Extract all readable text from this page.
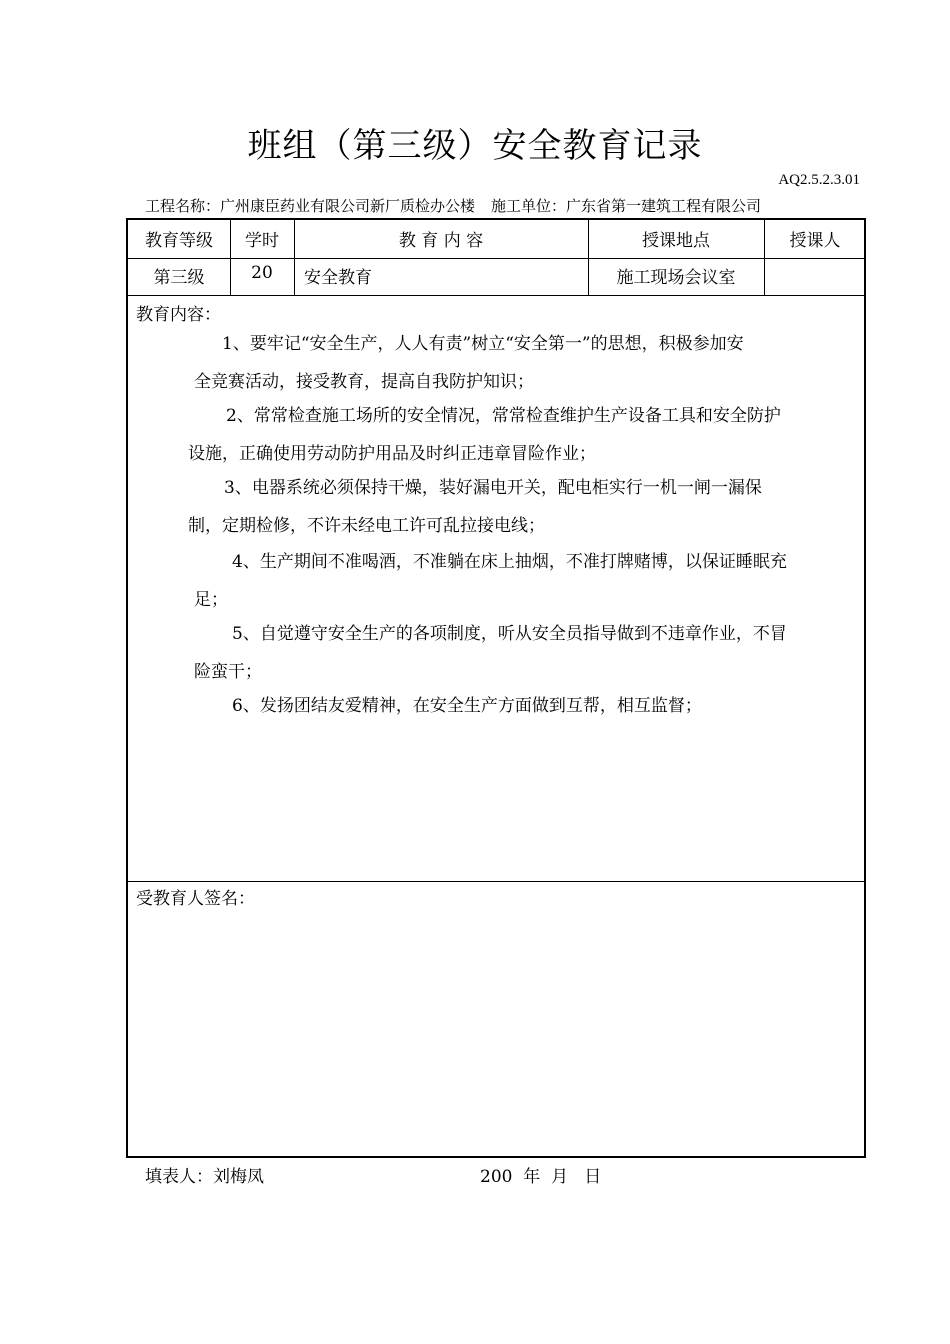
班组（第三级）安全教育记录
AQ2.5.2.3.01
工程名称：广州康臣药业有限公司新厂质检办公楼 施工单位：广东省第一建筑工程有限公司
教育等级	学时	教 育 内 容	授课地点	授课人
第三级	20	安全教育	施工现场会议室
教育内容：
1、要牢记“安全生产，人人有责”树立“安全第一”的思想，积极参加安
全竞赛活动，接受教育，提高自我防护知识；
2、常常检查施工场所的安全情况，常常检查维护生产设备工具和安全防护
设施，正确使用劳动防护用品及时纠正违章冒险作业；
3、电器系统必须保持干燥，装好漏电开关，配电柜实行一机一闸一漏保
制，定期检修，不许未经电工许可乱拉接电线；
4、生产期间不准喝酒，不准躺在床上抽烟，不准打牌赌博，以保证睡眠充
足；
5、自觉遵守安全生产的各项制度，听从安全员指导做到不违章作业，不冒
险蛮干；
6、发扬团结友爱精神，在安全生产方面做到互帮，相互监督；
受教育人签名：
填表人：刘梅凤	200  年  月   日
